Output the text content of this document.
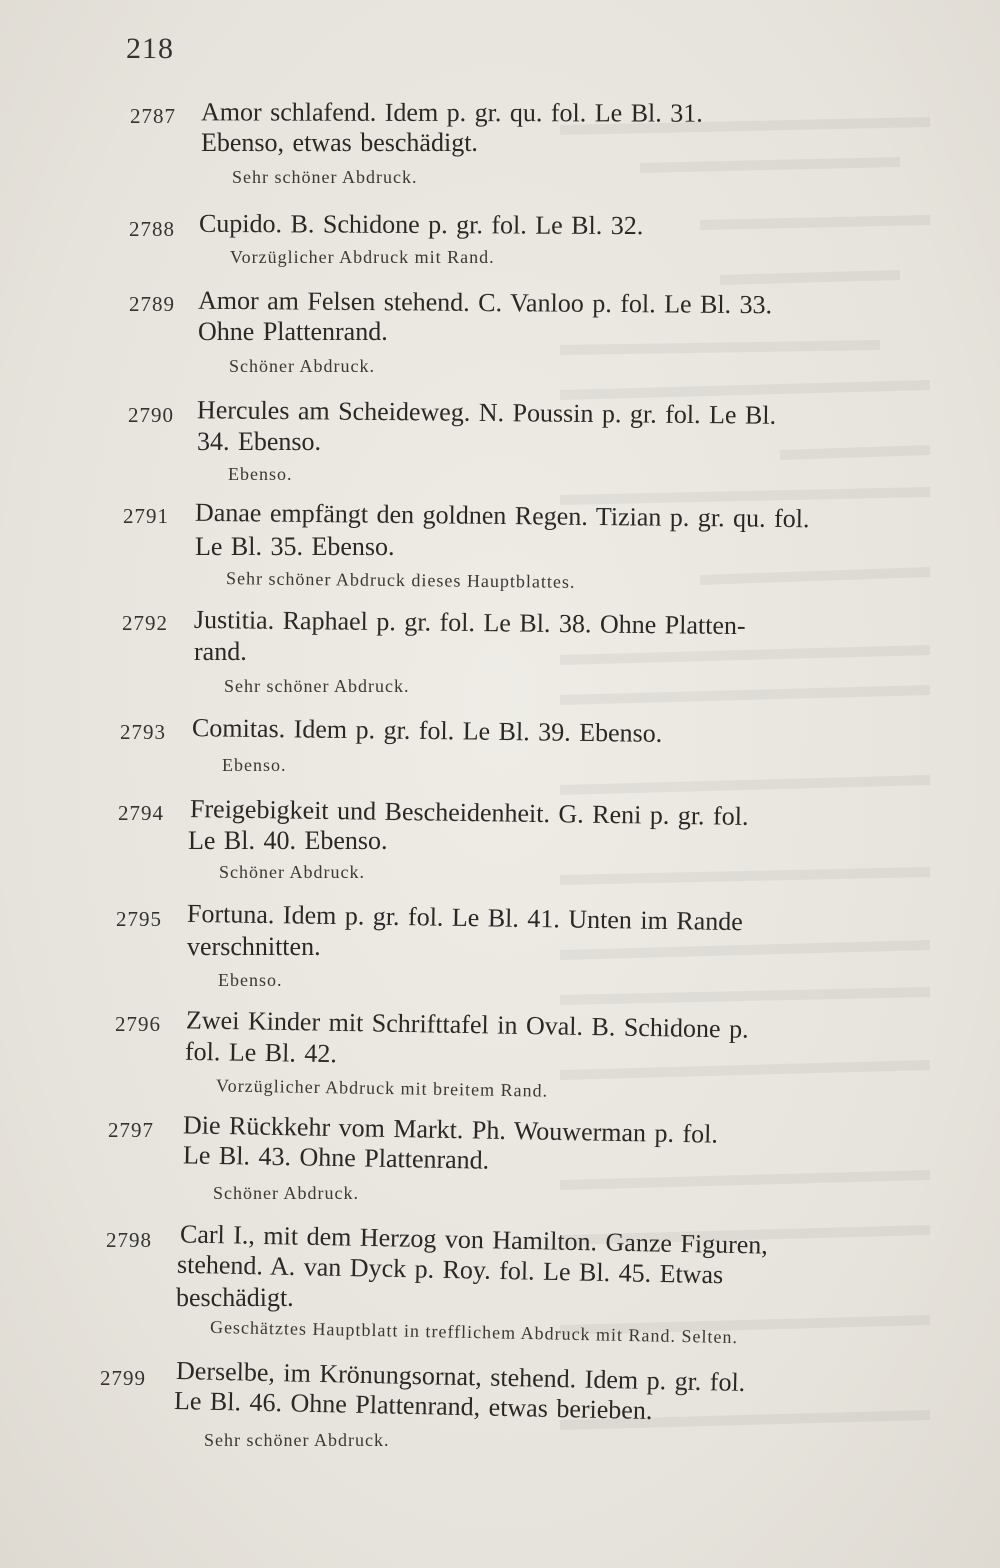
218
2787 Amor schlafend. Idem p. gr. qu. fol. Le Bl. 31.
Ebenso, etwas beschädigt.
Sehr schöner Abdruck.
2788 Cupido. B. Schidone p. gr. fol. Le Bl. 32.
Vorzüglicher Abdruck mit Rand.
2789 Amor am Felsen stehend. C. Vanloo p. fol. Le Bl. 33.
Ohne Plattenrand.
Schöner Abdruck.
2790 Hercules am Scheideweg. N. Poussin p. gr. fol. Le Bl.
34. Ebenso.
Ebenso.
2791 Danae empfängt den goldnen Regen. Tizian p. gr. qu. fol.
Le Bl. 35. Ebenso.
Sehr schöner Abdruck dieses Hauptblattes.
2792 Justitia. Raphael p. gr. fol. Le Bl. 38. Ohne Platten-
rand.
Sehr schöner Abdruck.
2793 Comitas. Idem p. gr. fol. Le Bl. 39. Ebenso.
Ebenso.
2794 Freigebigkeit und Bescheidenheit. G. Reni p. gr. fol.
Le Bl. 40. Ebenso.
Schöner Abdruck.
2795 Fortuna. Idem p. gr. fol. Le Bl. 41. Unten im Rande
verschnitten.
Ebenso.
2796 Zwei Kinder mit Schrifttafel in Oval. B. Schidone p.
fol. Le Bl. 42.
Vorzüglicher Abdruck mit breitem Rand.
2797 Die Rückkehr vom Markt. Ph. Wouwerman p. fol.
Le Bl. 43. Ohne Plattenrand.
Schöner Abdruck.
2798 Carl I., mit dem Herzog von Hamilton. Ganze Figuren,
stehend. A. van Dyck p. Roy. fol. Le Bl. 45. Etwas
beschädigt.
Geschätztes Hauptblatt in trefflichem Abdruck mit Rand. Selten.
2799 Derselbe, im Krönungsornat, stehend. Idem p. gr. fol.
Le Bl. 46. Ohne Plattenrand, etwas berieben.
Sehr schöner Abdruck.
